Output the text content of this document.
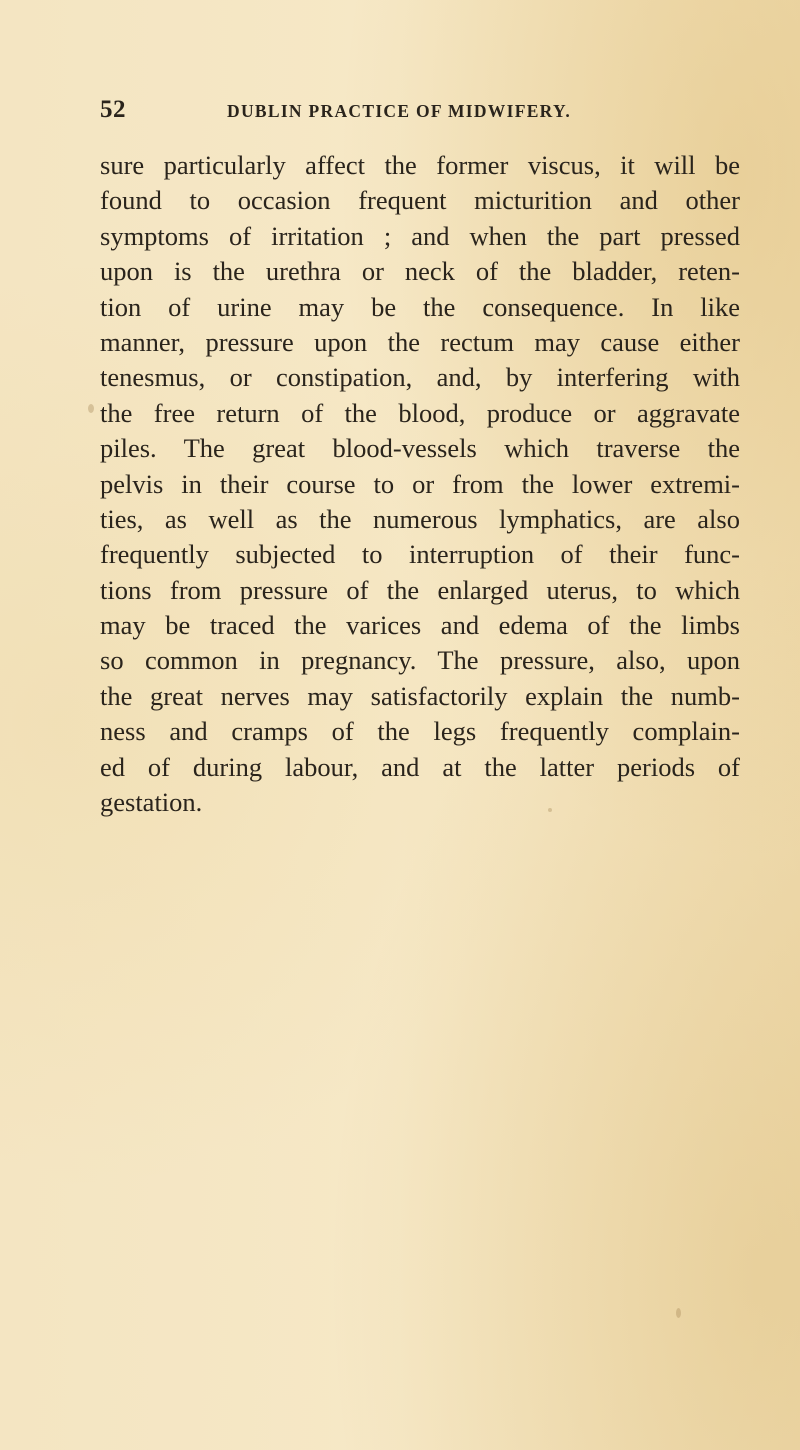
52	DUBLIN PRACTICE OF MIDWIFERY.
sure particularly affect the former viscus, it will be
found to occasion frequent micturition and other
symptoms of irritation ; and when the part pressed
upon is the urethra or neck of the bladder, reten-
tion of urine may be the consequence. In like
manner, pressure upon the rectum may cause either
tenesmus, or constipation, and, by interfering with
the free return of the blood, produce or aggravate
piles. The great blood-vessels which traverse the
pelvis in their course to or from the lower extremi-
ties, as well as the numerous lymphatics, are also
frequently subjected to interruption of their func-
tions from pressure of the enlarged uterus, to which
may be traced the varices and edema of the limbs
so common in pregnancy. The pressure, also, upon
the great nerves may satisfactorily explain the numb-
ness and cramps of the legs frequently complain-
ed of during labour, and at the latter periods of
gestation.
